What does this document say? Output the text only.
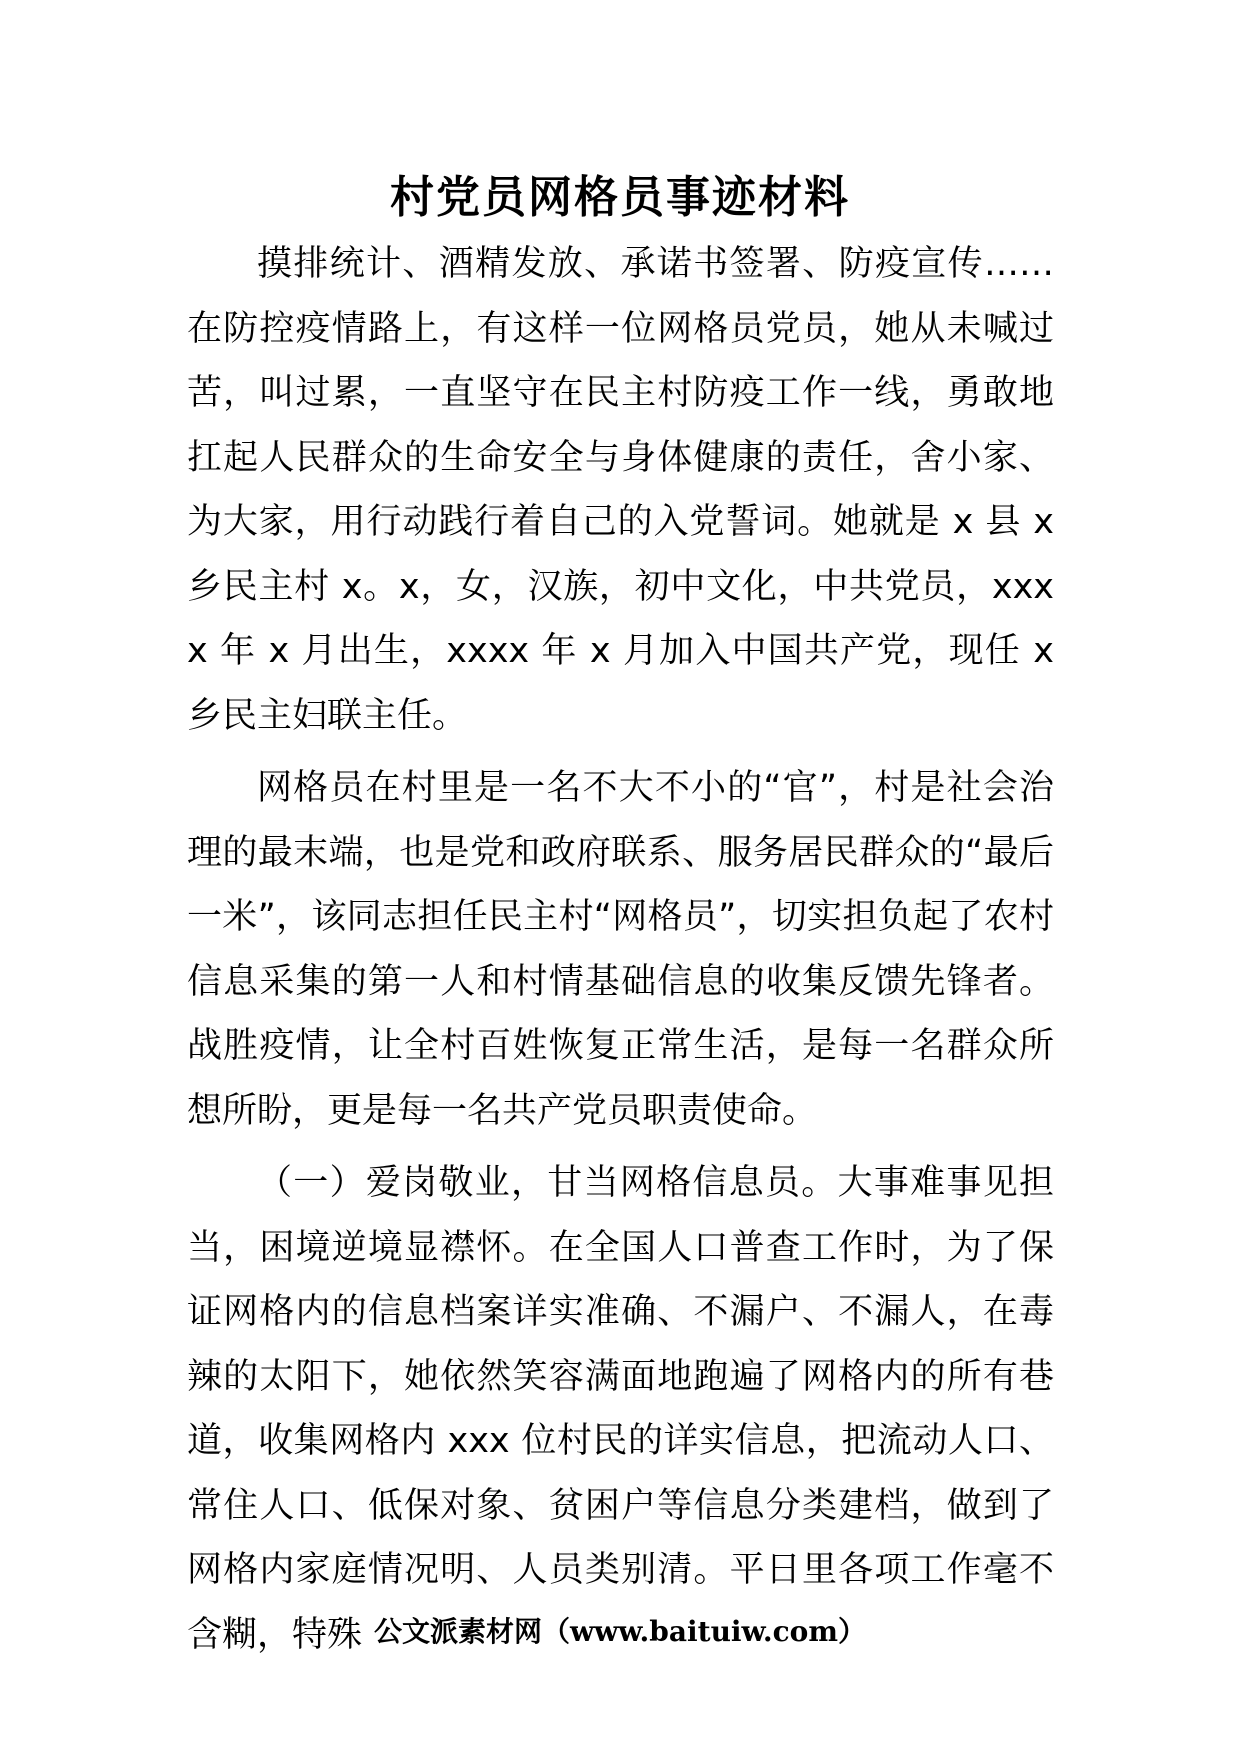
村党员网格员事迹材料

摸排统计、酒精发放、承诺书签署、防疫宣传……在防控疫情路上，有这样一位网格员党员，她从未喊过苦，叫过累，一直坚守在民主村防疫工作一线，勇敢地扛起人民群众的生命安全与身体健康的责任，舍小家、为大家，用行动践行着自己的入党誓词。她就是 x 县 x 乡民主村 x。x，女，汉族，初中文化，中共党员，xxxx 年 x 月出生，xxxx 年 x 月加入中国共产党，现任 x 乡民主妇联主任。

网格员在村里是一名不大不小的“官”，村是社会治理的最末端，也是党和政府联系、服务居民群众的“最后一米”，该同志担任民主村“网格员”，切实担负起了农村信息采集的第一人和村情基础信息的收集反馈先锋者。战胜疫情，让全村百姓恢复正常生活，是每一名群众所想所盼，更是每一名共产党员职责使命。

（一）爱岗敬业，甘当网格信息员。大事难事见担当，困境逆境显襟怀。在全国人口普查工作时，为了保证网格内的信息档案详实准确、不漏户、不漏人，在毒辣的太阳下，她依然笑容满面地跑遍了网格内的所有巷道，收集网格内 xxx 位村民的详实信息，把流动人口、常住人口、低保对象、贫困户等信息分类建档，做到了网格内家庭情况明、人员类别清。平日里各项工作毫不含糊，特殊 公文派素材网（www.baituiw.com）
